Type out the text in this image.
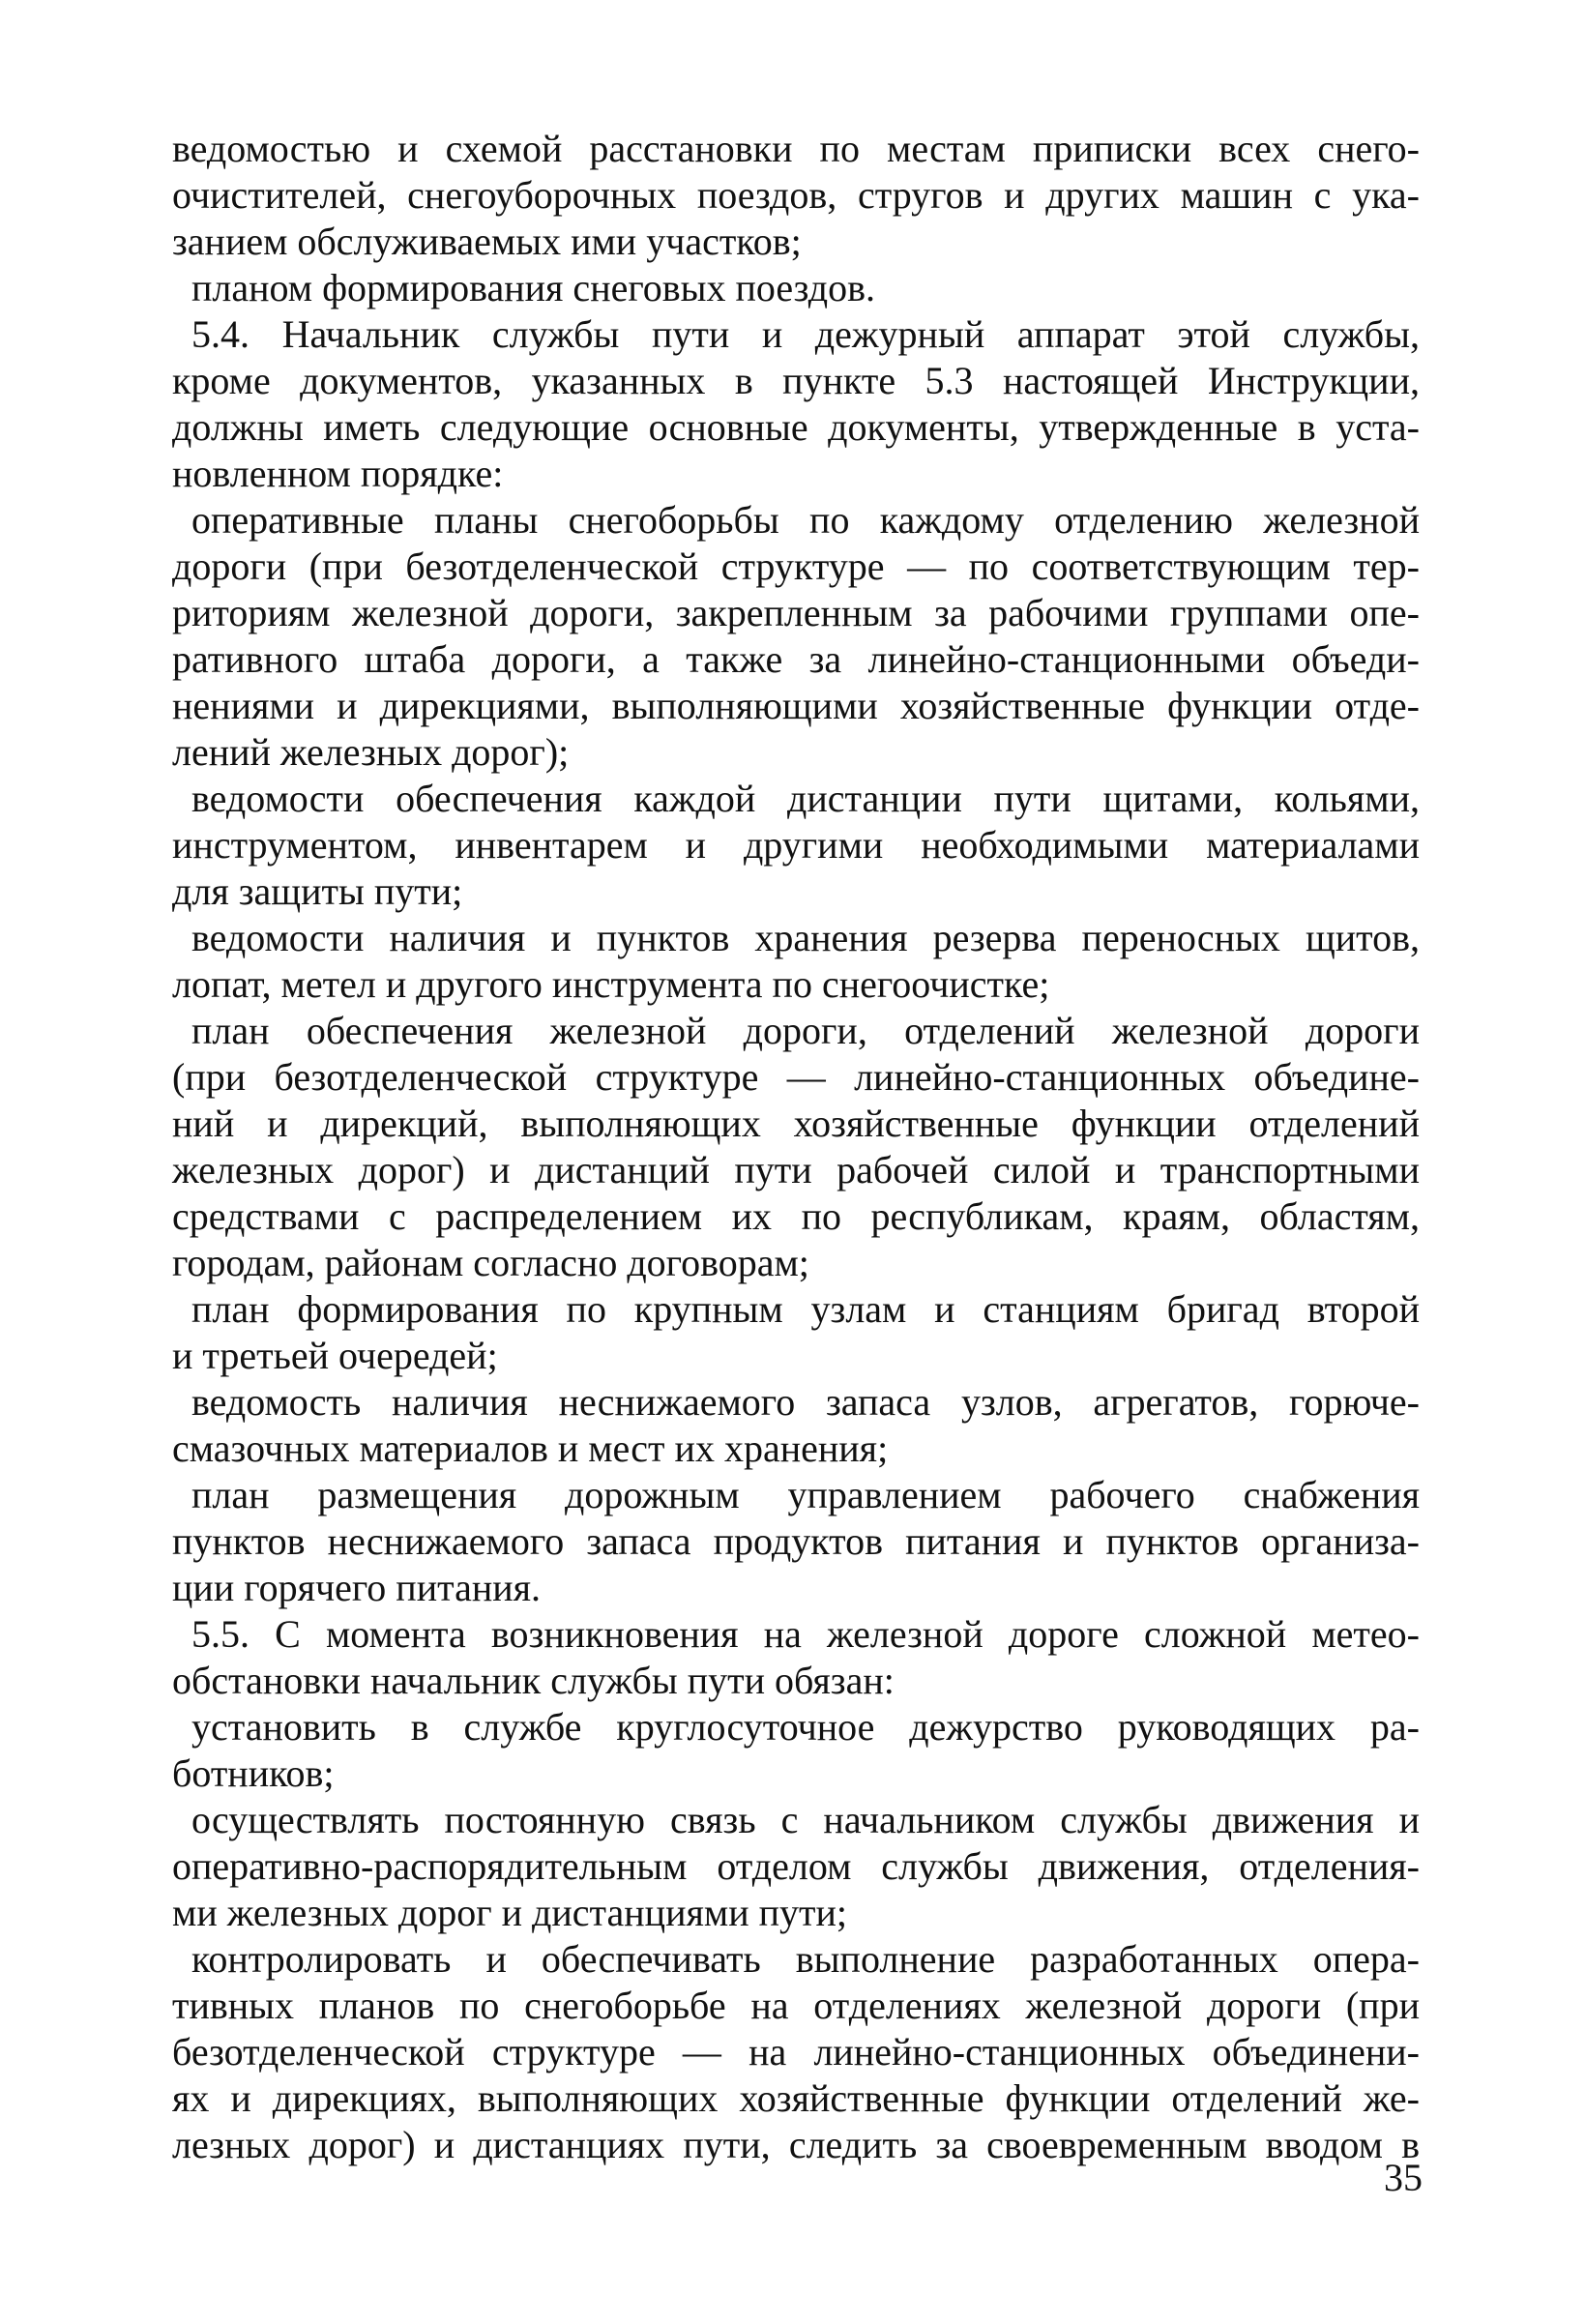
ведомостью и схемой расстановки по местам приписки всех снего-
очистителей, снегоуборочных поездов, стругов и других машин с ука-
занием обслуживаемых ими участков;
планом формирования снеговых поездов.
5.4. Начальник службы пути и дежурный аппарат этой службы,
кроме документов, указанных в пункте 5.3 настоящей Инструкции,
должны иметь следующие основные документы, утвержденные в уста-
новленном порядке:
оперативные планы снегоборьбы по каждому отделению железной
дороги (при безотделенческой структуре — по соответствующим тер-
риториям железной дороги, закрепленным за рабочими группами опе-
ративного штаба дороги, а также за линейно-станционными объеди-
нениями и дирекциями, выполняющими хозяйственные функции отде-
лений железных дорог);
ведомости обеспечения каждой дистанции пути щитами, кольями,
инструментом, инвентарем и другими необходимыми материалами
для защиты пути;
ведомости наличия и пунктов хранения резерва переносных щитов,
лопат, метел и другого инструмента по снегоочистке;
план обеспечения железной дороги, отделений железной дороги
(при безотделенческой структуре — линейно-станционных объедине-
ний и дирекций, выполняющих хозяйственные функции отделений
железных дорог) и дистанций пути рабочей силой и транспортными
средствами с распределением их по республикам, краям, областям,
городам, районам согласно договорам;
план формирования по крупным узлам и станциям бригад второй
и третьей очередей;
ведомость наличия неснижаемого запаса узлов, агрегатов, горюче-
смазочных материалов и мест их хранения;
план размещения дорожным управлением рабочего снабжения
пунктов неснижаемого запаса продуктов питания и пунктов организа-
ции горячего питания.
5.5. С момента возникновения на железной дороге сложной метео-
обстановки начальник службы пути обязан:
установить в службе круглосуточное дежурство руководящих ра-
ботников;
осуществлять постоянную связь с начальником службы движения и
оперативно-распорядительным отделом службы движения, отделения-
ми железных дорог и дистанциями пути;
контролировать и обеспечивать выполнение разработанных опера-
тивных планов по снегоборьбе на отделениях железной дороги (при
безотделенческой структуре — на линейно-станционных объединени-
ях и дирекциях, выполняющих хозяйственные функции отделений же-
лезных дорог) и дистанциях пути, следить за своевременным вводом в
35
